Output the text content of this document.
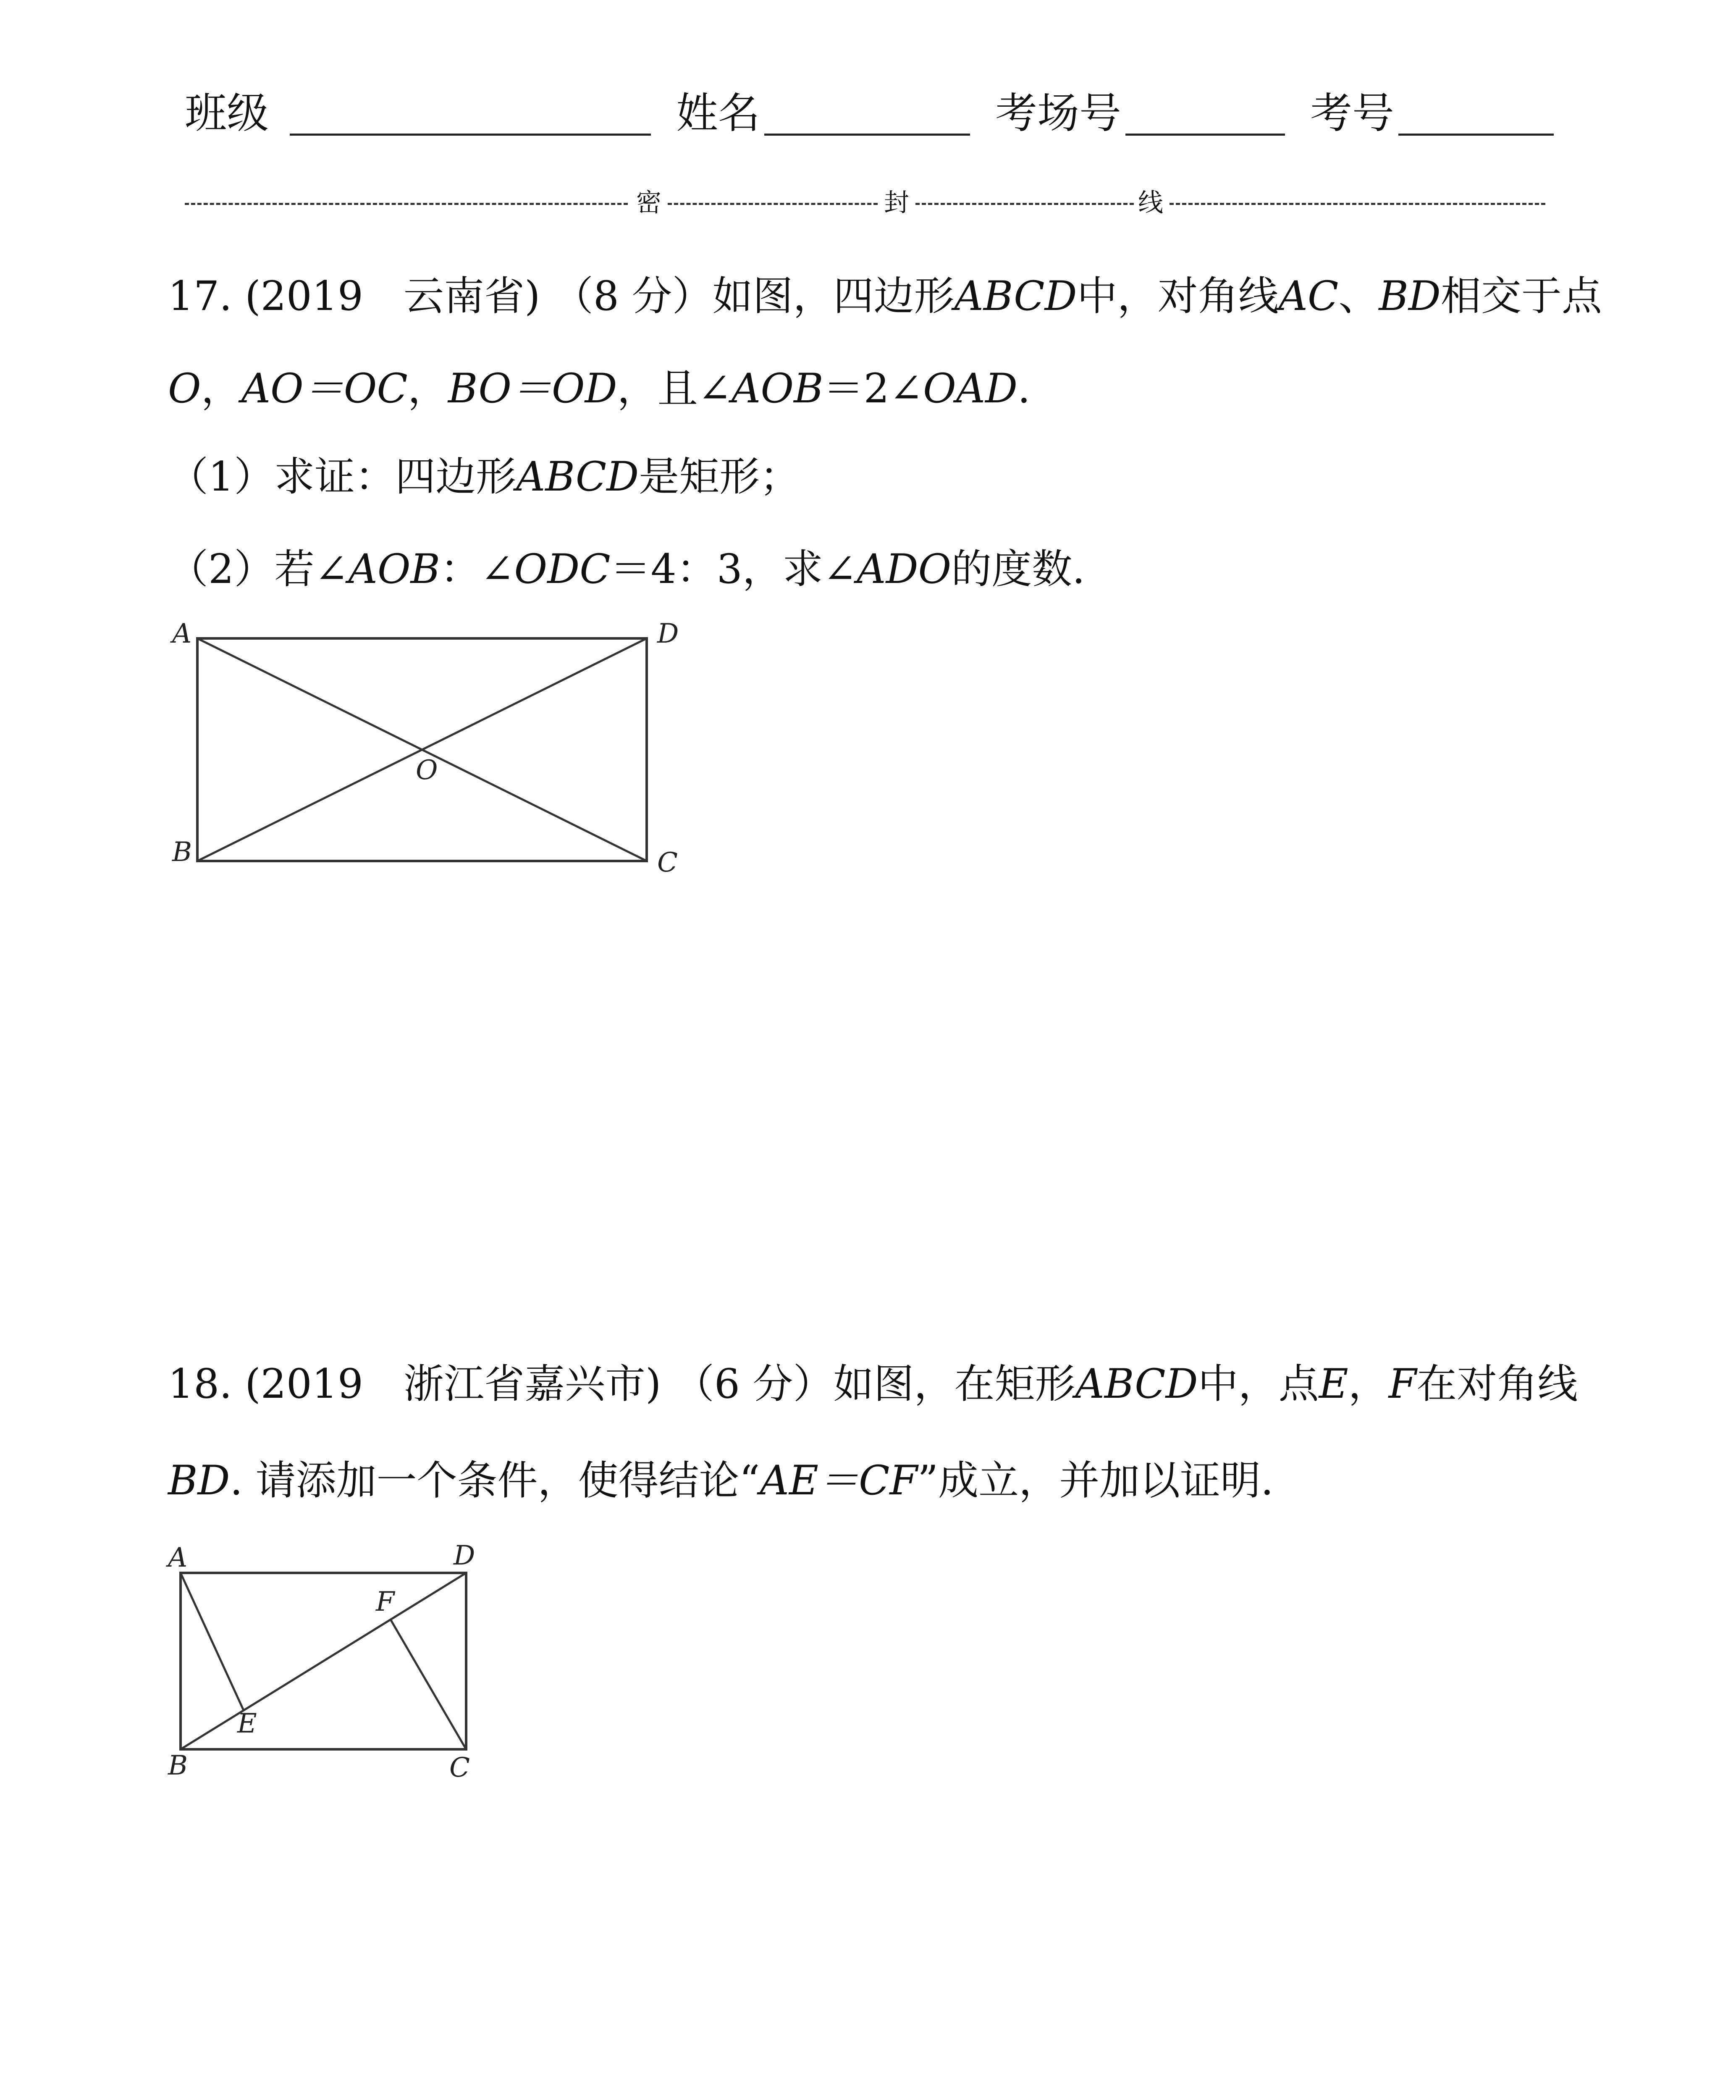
班级	姓名	考场号	考号
密	封	线
17. (2019　云南省) （8 分）如图，四边形ABCD中，对角线AC、BD相交于点
O，AO＝OC，BO＝OD，且∠AOB＝2∠OAD.
（1）求证：四边形ABCD是矩形；
（2）若∠AOB：∠ODC＝4：3，求∠ADO的度数.
A
B	C
D
O
18. (2019　浙江省嘉兴市) （6 分）如图，在矩形ABCD中，点E，F在对角线
BD. 请添加一个条件，使得结论“AE＝CF”成立，并加以证明.
A
B	C
D
E
F
